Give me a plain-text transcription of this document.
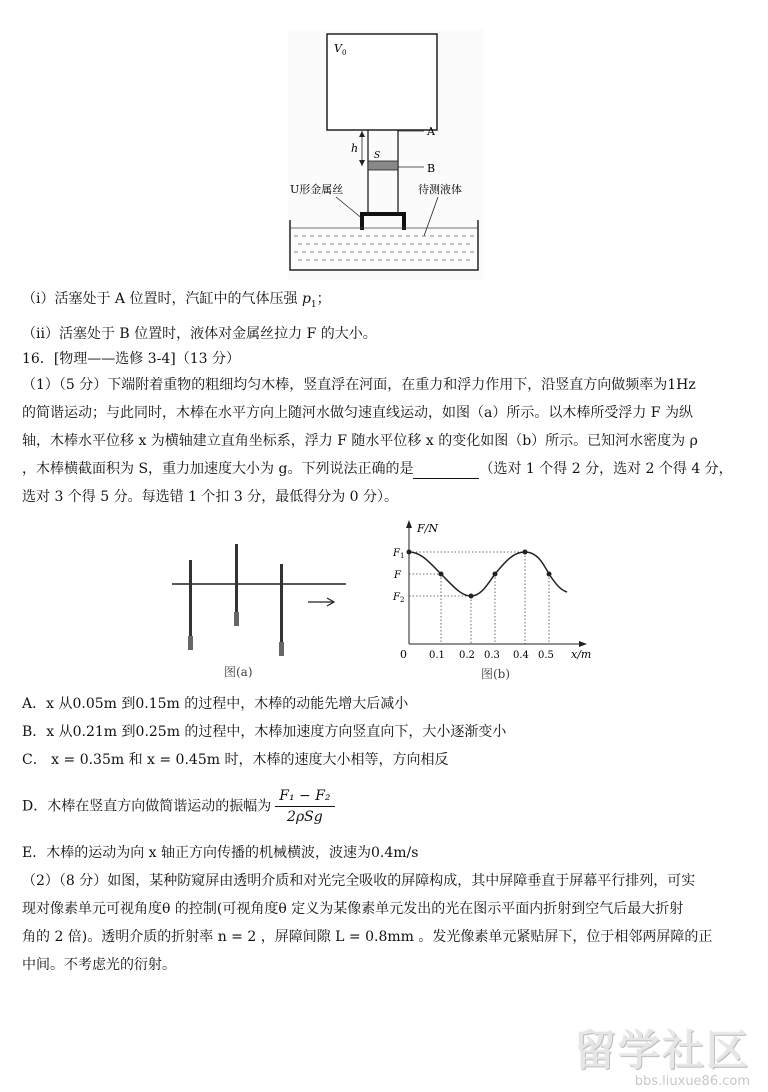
V 0
A
B
S
h
U形金属丝	待测液体
（i）活塞处于 A 位置时，汽缸中的气体压强 $p_1$；
（ii）活塞处于 B 位置时，液体对金属丝拉力 F 的大小。
16．[物理——选修 3-4]（13 分）
（1）（5 分）下端附着重物的粗细均匀木棒，竖直浮在河面，在重力和浮力作用下，沿竖直方向做频率为1Hz
的简谐运动；与此同时，木棒在水平方向上随河水做匀速直线运动，如图（a）所示。以木棒所受浮力 F 为纵
轴，木棒水平位移 x 为横轴建立直角坐标系，浮力 F 随水平位移 x 的变化如图（b）所示。已知河水密度为 ρ
，木棒横截面积为 S，重力加速度大小为 g。下列说法正确的是	（选对 1 个得 2 分，选对 2 个得 4 分，
选对 3 个得 5 分。每选错 1 个扣 3 分，最低得分为 0 分）。
图(a)
F/N
x/m
0
F 1
F
F 2
0.1 0.2 0.3 0.4 0.5
图(b)
A．x 从0.05m 到0.15m 的过程中，木棒的动能先增大后减小
B．x 从0.21m 到0.25m 的过程中，木棒加速度方向竖直向下，大小逐渐变小
C． x = 0.35m 和 x = 0.45m 时，木棒的速度大小相等，方向相反
D．木棒在竖直方向做简谐运动的振幅为 $\frac{\text{F₁ − F₂}}{\text{2ρSg}}$
E．木棒的运动为向 x 轴正方向传播的机械横波，波速为0.4m/s
（2）（8 分）如图，某种防窥屏由透明介质和对光完全吸收的屏障构成，其中屏障垂直于屏幕平行排列，可实
现对像素单元可视角度θ 的控制(可视角度θ 定义为某像素单元发出的光在图示平面内折射到空气后最大折射
角的 2 倍)。透明介质的折射率 n = 2 ，屏障间隙 L = 0.8mm 。发光像素单元紧贴屏下，位于相邻两屏障的正
中间。不考虑光的衍射。
留学社区
bbs.liuxue86.com
